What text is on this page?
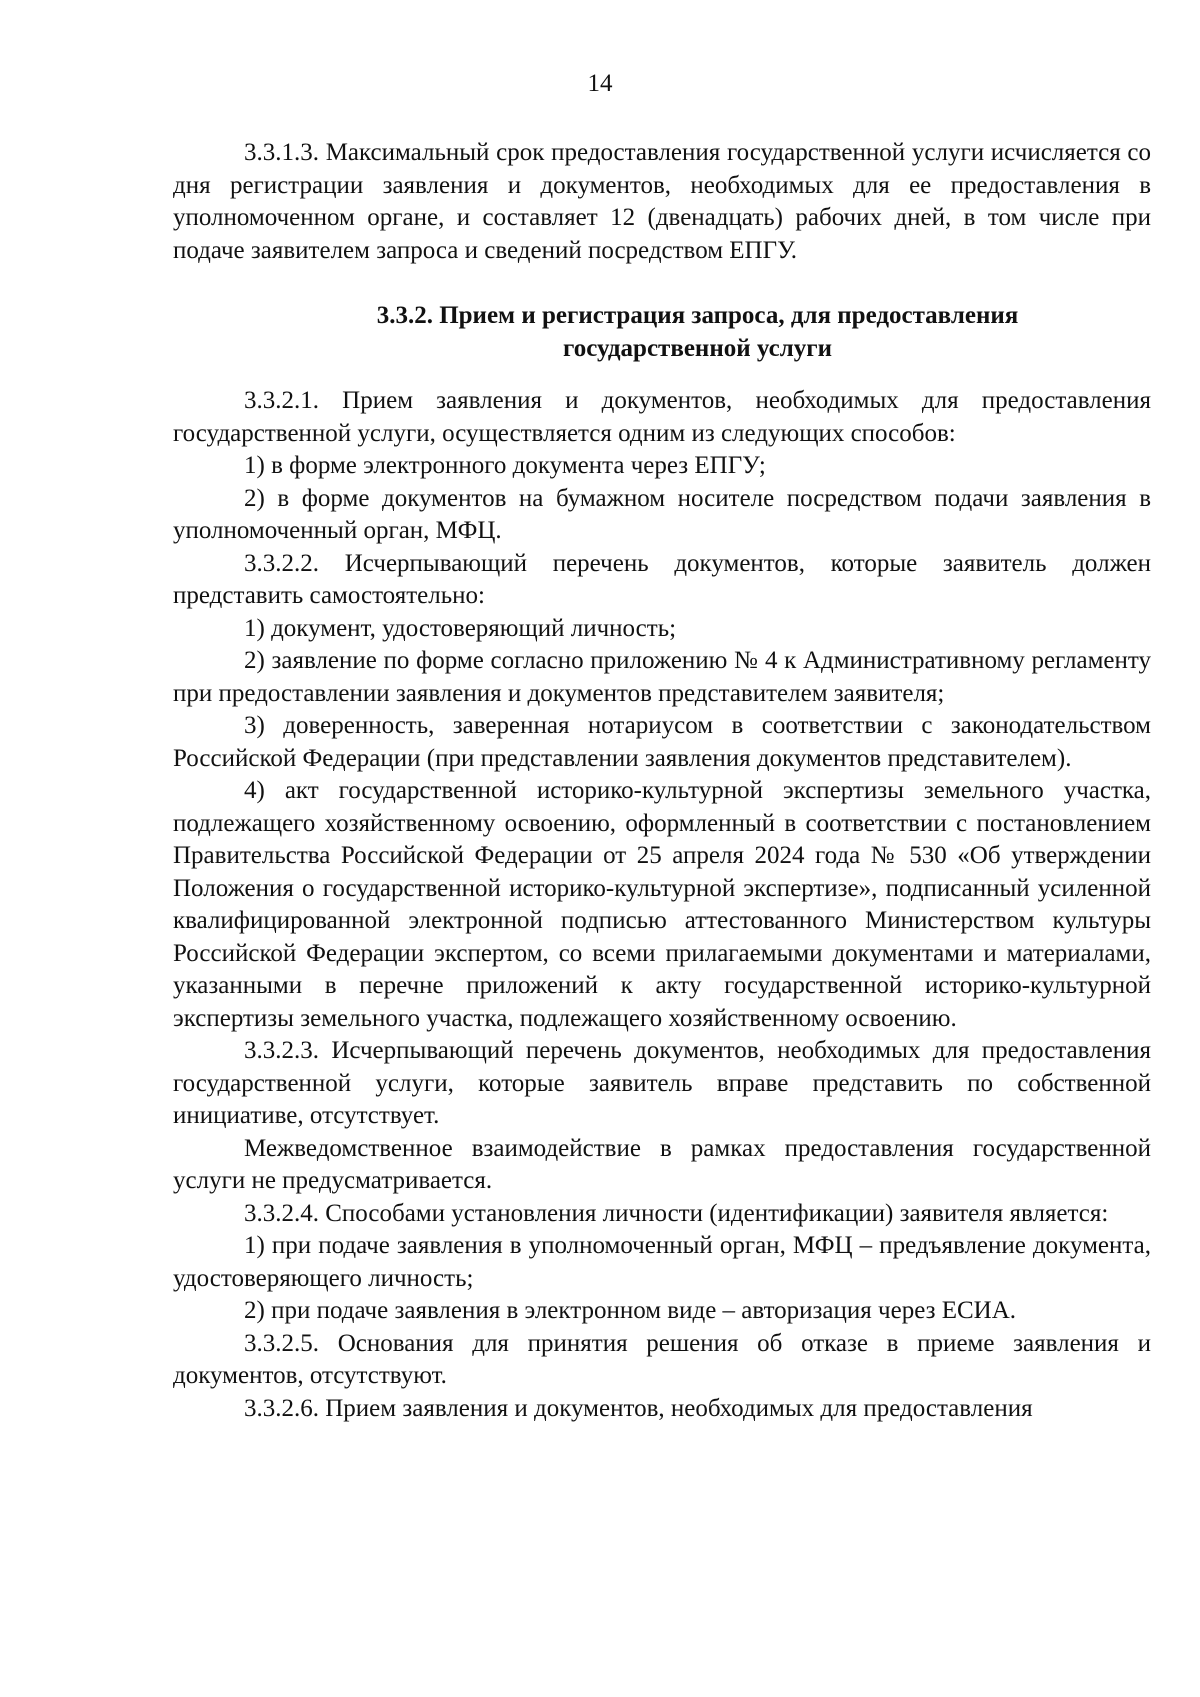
14

3.3.1.3. Максимальный срок предоставления государственной услуги исчисляется со дня регистрации заявления и документов, необходимых для ее предоставления в уполномоченном органе, и составляет 12 (двенадцать) рабочих дней, в том числе при подаче заявителем запроса и сведений посредством ЕПГУ.

3.3.2. Прием и регистрация запроса, для предоставления
государственной услуги

3.3.2.1. Прием заявления и документов, необходимых для предоставления государственной услуги, осуществляется одним из следующих способов:

1) в форме электронного документа через ЕПГУ;

2) в форме документов на бумажном носителе посредством подачи заявления в уполномоченный орган, МФЦ.

3.3.2.2. Исчерпывающий перечень документов, которые заявитель должен представить самостоятельно:

1) документ, удостоверяющий личность;

2) заявление по форме согласно приложению № 4 к Административному регламенту при предоставлении заявления и документов представителем заявителя;

3) доверенность, заверенная нотариусом в соответствии с законодательством Российской Федерации (при представлении заявления документов представителем).

4) акт государственной историко-культурной экспертизы земельного участка, подлежащего хозяйственному освоению, оформленный в соответствии с постановлением Правительства Российской Федерации от 25 апреля 2024 года № 530 «Об утверждении Положения о государственной историко-культурной экспертизе», подписанный усиленной квалифицированной электронной подписью аттестованного Министерством культуры Российской Федерации экспертом, со всеми прилагаемыми документами и материалами, указанными в перечне приложений к акту государственной историко-культурной экспертизы земельного участка, подлежащего хозяйственному освоению.

3.3.2.3. Исчерпывающий перечень документов, необходимых для предоставления государственной услуги, которые заявитель вправе представить по собственной инициативе, отсутствует.

Межведомственное взаимодействие в рамках предоставления государственной услуги не предусматривается.

3.3.2.4. Способами установления личности (идентификации) заявителя является:

1) при подаче заявления в уполномоченный орган, МФЦ – предъявление документа, удостоверяющего личность;

2) при подаче заявления в электронном виде – авторизация через ЕСИА.

3.3.2.5. Основания для принятия решения об отказе в приеме заявления и документов, отсутствуют.

3.3.2.6. Прием заявления и документов, необходимых для предоставления
